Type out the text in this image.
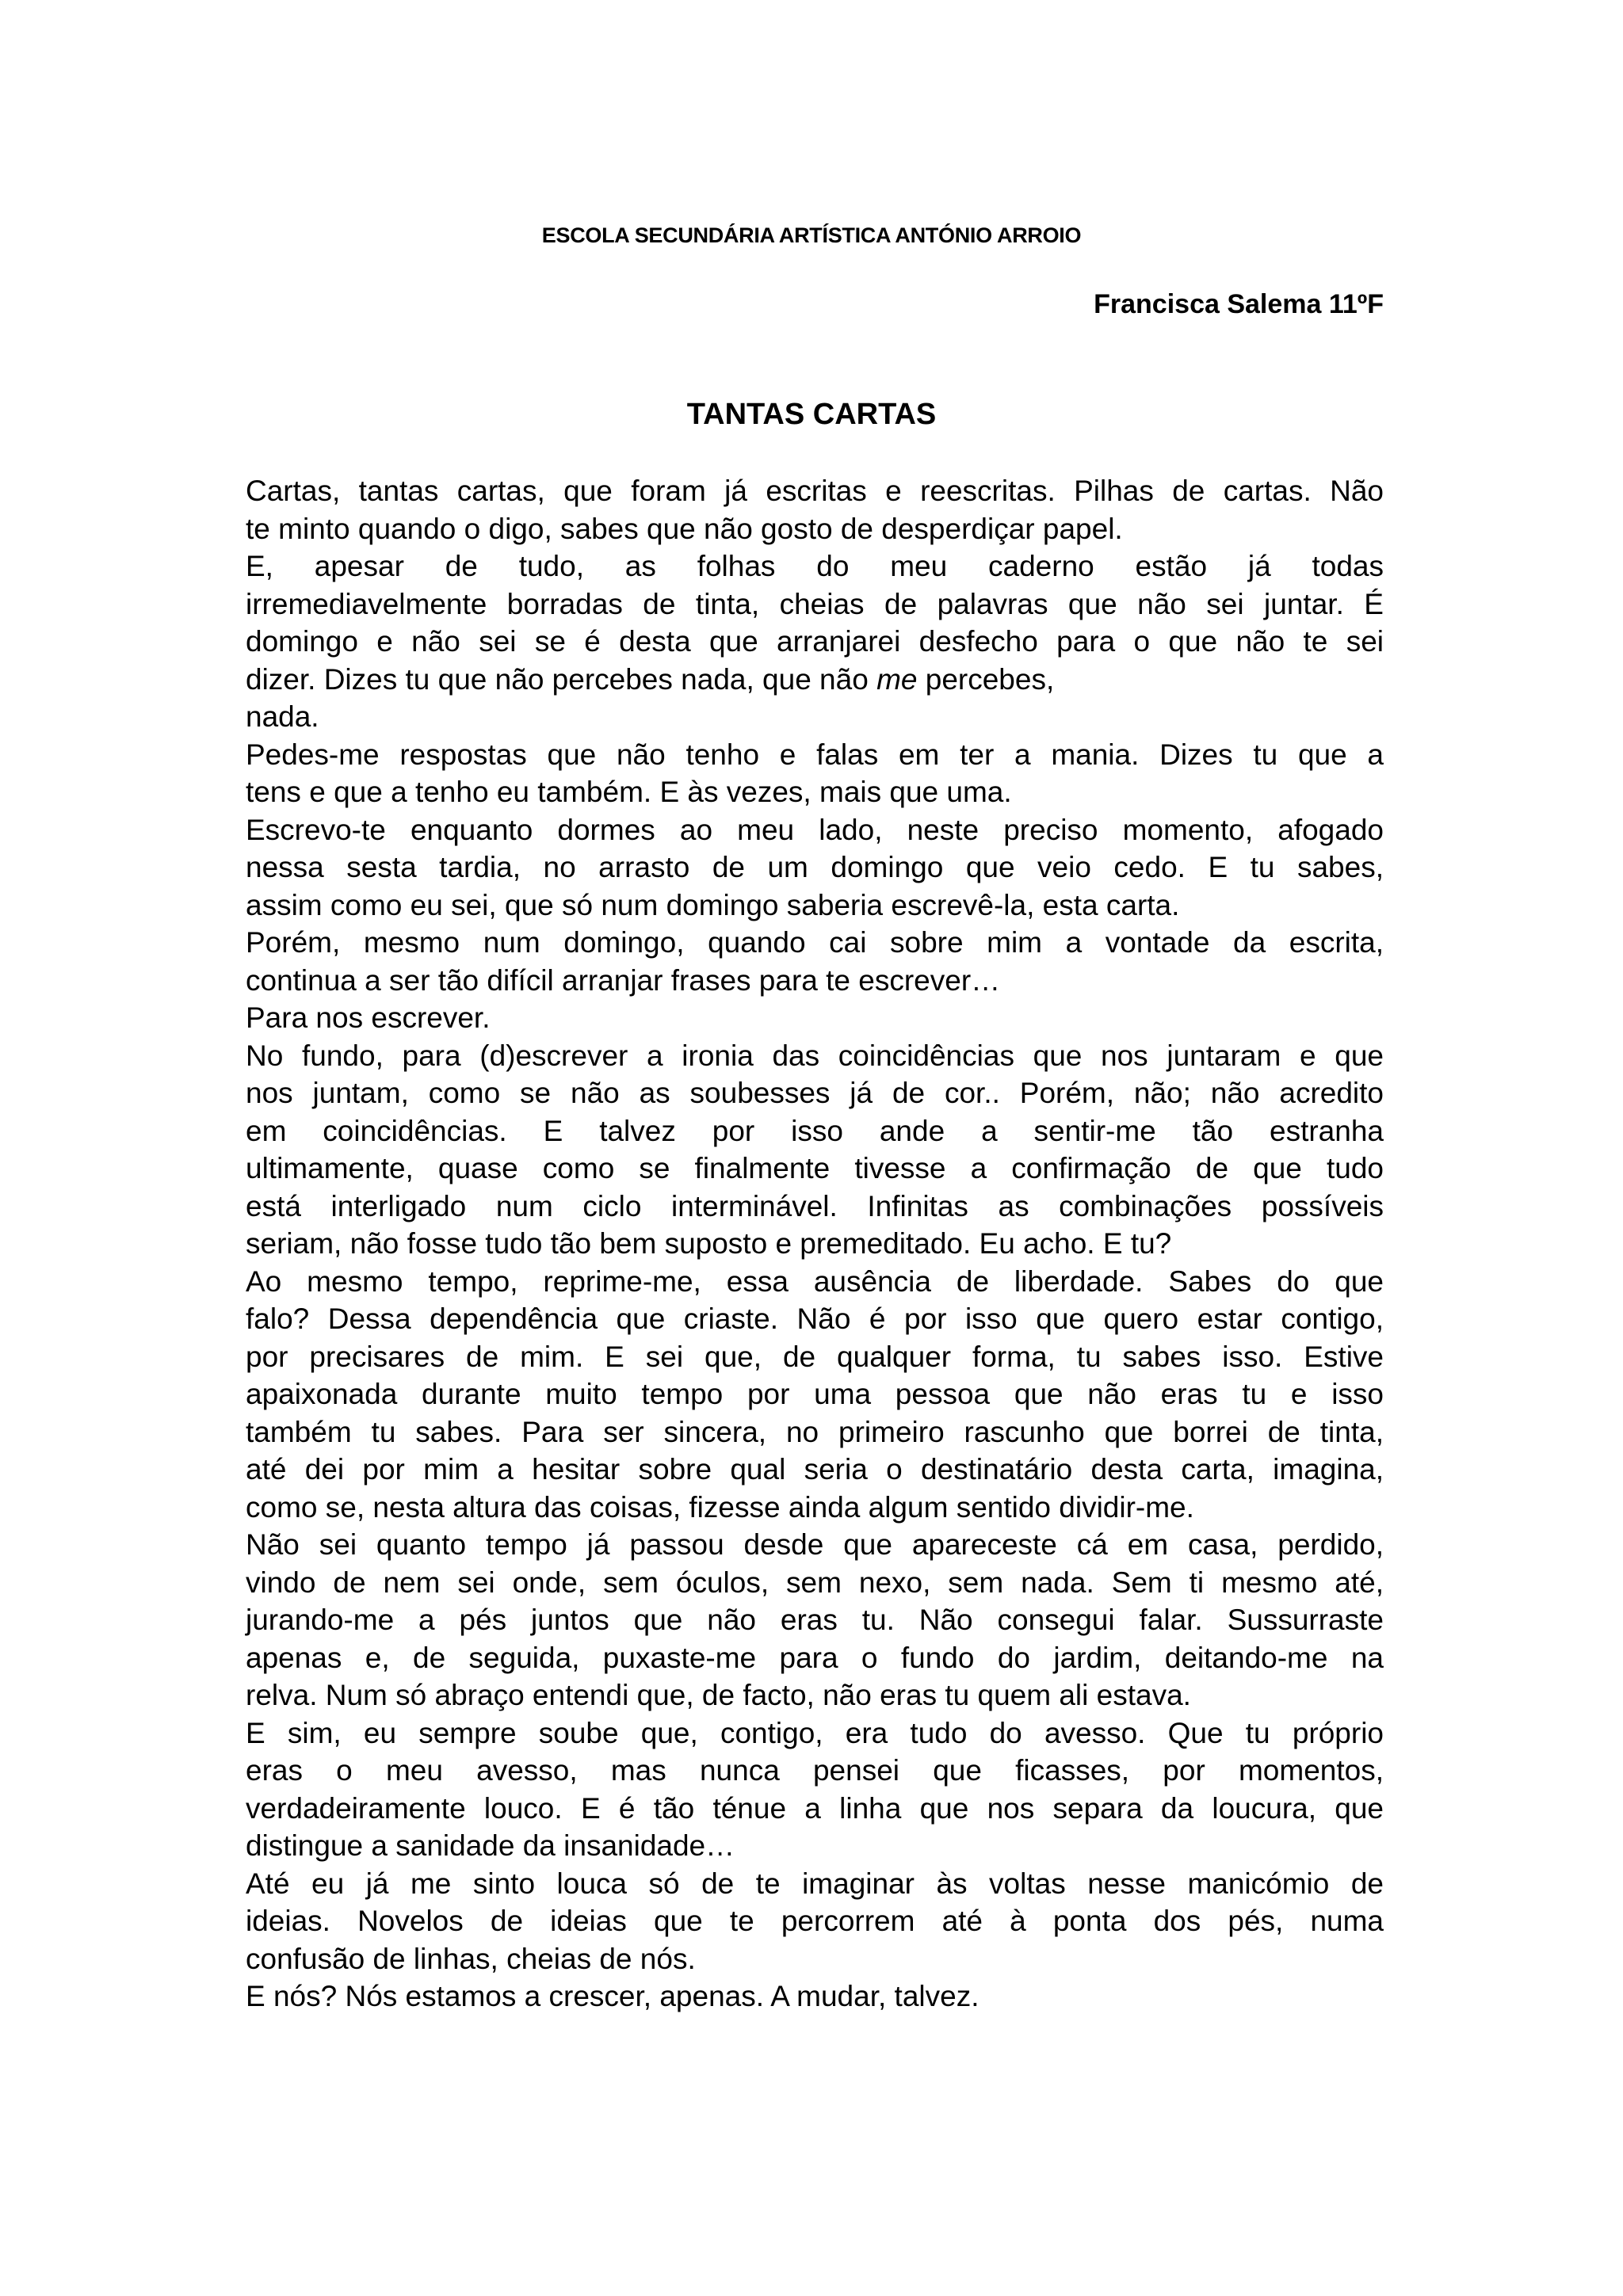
ESCOLA SECUNDÁRIA ARTÍSTICA ANTÓNIO ARROIO
Francisca Salema 11ºF
TANTAS CARTAS

Cartas, tantas cartas, que foram já escritas e reescritas. Pilhas de cartas. Não
te minto quando o digo, sabes que não gosto de desperdiçar papel.

E, apesar de tudo, as folhas do meu caderno estão já todas
irremediavelmente borradas de tinta, cheias de palavras que não sei juntar. É
domingo e não sei se é desta que arranjarei desfecho para o que não te sei
dizer. Dizes tu que não percebes nada, que não me percebes,
nada.

Pedes-me respostas que não tenho e falas em ter a mania. Dizes tu que a
tens e que a tenho eu também. E às vezes, mais que uma.

Escrevo-te enquanto dormes ao meu lado, neste preciso momento, afogado
nessa sesta tardia, no arrasto de um domingo que veio cedo. E tu sabes,
assim como eu sei, que só num domingo saberia escrevê-la, esta carta.

Porém, mesmo num domingo, quando cai sobre mim a vontade da escrita,
continua a ser tão difícil arranjar frases para te escrever…

Para nos escrever.

No fundo, para (d)escrever a ironia das coincidências que nos juntaram e que
nos juntam, como se não as soubesses já de cor.. Porém, não; não acredito
em coincidências. E talvez por isso ande a sentir-me tão estranha
ultimamente, quase como se finalmente tivesse a confirmação de que tudo
está interligado num ciclo interminável. Infinitas as combinações possíveis
seriam, não fosse tudo tão bem suposto e premeditado. Eu acho. E tu?

Ao mesmo tempo, reprime-me, essa ausência de liberdade. Sabes do que
falo? Dessa dependência que criaste. Não é por isso que quero estar contigo,
por precisares de mim. E sei que, de qualquer forma, tu sabes isso. Estive
apaixonada durante muito tempo por uma pessoa que não eras tu e isso
também tu sabes. Para ser sincera, no primeiro rascunho que borrei de tinta,
até dei por mim a hesitar sobre qual seria o destinatário desta carta, imagina,
como se, nesta altura das coisas, fizesse ainda algum sentido dividir-me.

Não sei quanto tempo já passou desde que apareceste cá em casa, perdido,
vindo de nem sei onde, sem óculos, sem nexo, sem nada. Sem ti mesmo até,
jurando-me a pés juntos que não eras tu. Não consegui falar. Sussurraste
apenas e, de seguida, puxaste-me para o fundo do jardim, deitando-me na
relva. Num só abraço entendi que, de facto, não eras tu quem ali estava.

E sim, eu sempre soube que, contigo, era tudo do avesso. Que tu próprio
eras o meu avesso, mas nunca pensei que ficasses, por momentos,
verdadeiramente louco. E é tão ténue a linha que nos separa da loucura, que
distingue a sanidade da insanidade…

Até eu já me sinto louca só de te imaginar às voltas nesse manicómio de
ideias. Novelos de ideias que te percorrem até à ponta dos pés, numa
confusão de linhas, cheias de nós.

E nós? Nós estamos a crescer, apenas. A mudar, talvez.
